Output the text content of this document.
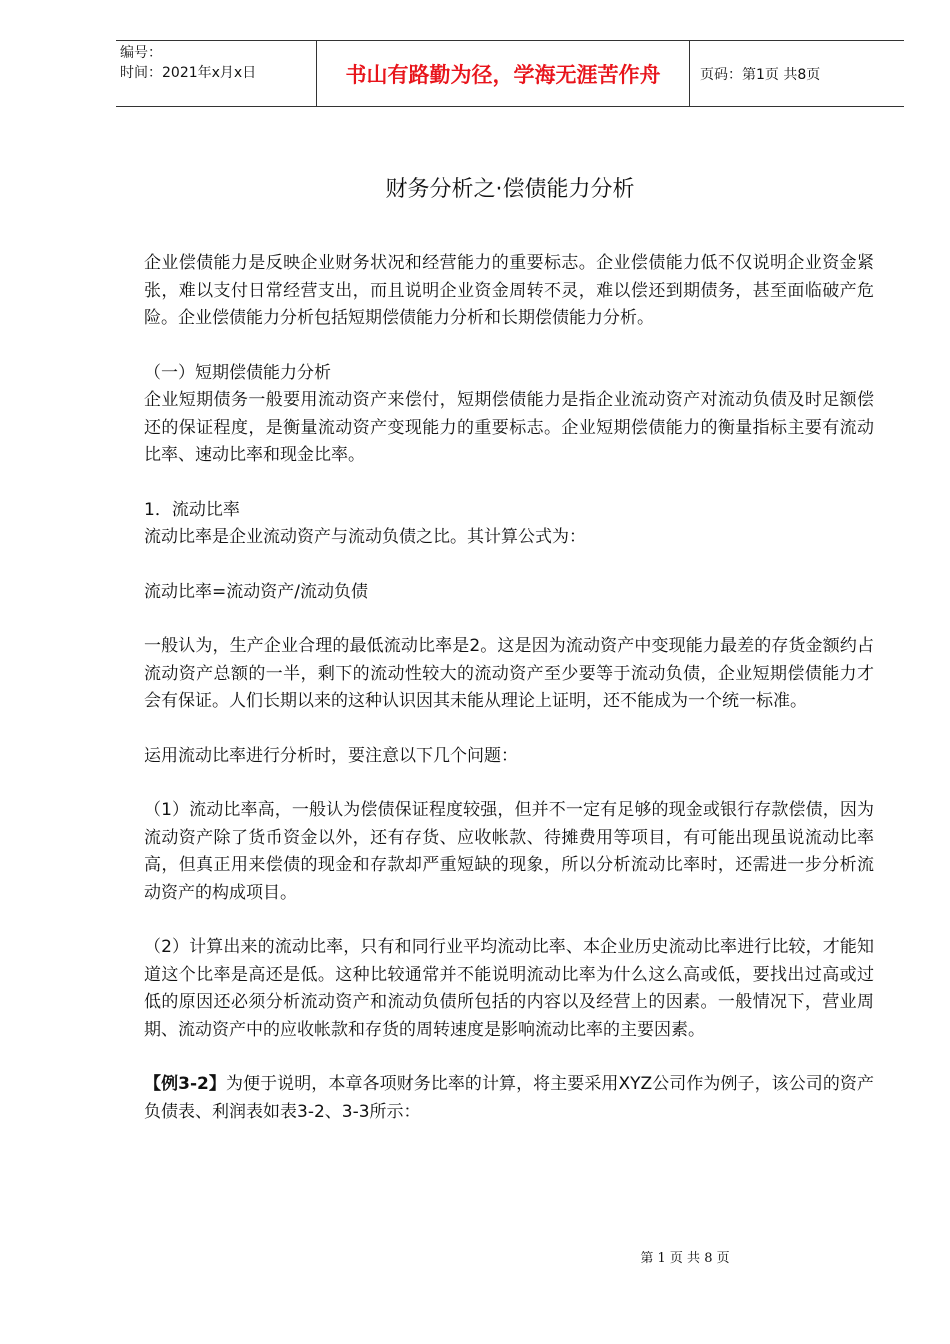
编号：
时间：2021年x月x日	书山有路勤为径，学海无涯苦作舟	页码：第1页 共8页
财务分析之·偿债能力分析

企业偿债能力是反映企业财务状况和经营能力的重要标志。企业偿债能力低不仅说明企业资金紧张，难以支付日常经营支出，而且说明企业资金周转不灵，难以偿还到期债务，甚至面临破产危险。企业偿债能力分析包括短期偿债能力分析和长期偿债能力分析。

（一）短期偿债能力分析

企业短期债务一般要用流动资产来偿付，短期偿债能力是指企业流动资产对流动负债及时足额偿还的保证程度，是衡量流动资产变现能力的重要标志。企业短期偿债能力的衡量指标主要有流动比率、速动比率和现金比率。

1．流动比率

流动比率是企业流动资产与流动负债之比。其计算公式为：

流动比率=流动资产/流动负债

一般认为，生产企业合理的最低流动比率是2。这是因为流动资产中变现能力最差的存货金额约占流动资产总额的一半，剩下的流动性较大的流动资产至少要等于流动负债，企业短期偿债能力才会有保证。人们长期以来的这种认识因其未能从理论上证明，还不能成为一个统一标准。

运用流动比率进行分析时，要注意以下几个问题：

（1）流动比率高，一般认为偿债保证程度较强，但并不一定有足够的现金或银行存款偿债，因为流动资产除了货币资金以外，还有存货、应收帐款、待摊费用等项目，有可能出现虽说流动比率高，但真正用来偿债的现金和存款却严重短缺的现象，所以分析流动比率时，还需进一步分析流动资产的构成项目。

（2）计算出来的流动比率，只有和同行业平均流动比率、本企业历史流动比率进行比较，才能知道这个比率是高还是低。这种比较通常并不能说明流动比率为什么这么高或低，要找出过高或过低的原因还必须分析流动资产和流动负债所包括的内容以及经营上的因素。一般情况下，营业周期、流动资产中的应收帐款和存货的周转速度是影响流动比率的主要因素。

【例3-2】为便于说明，本章各项财务比率的计算，将主要采用XYZ公司作为例子，该公司的资产负债表、利润表如表3-2、3-3所示：

第 1 页 共 8 页
